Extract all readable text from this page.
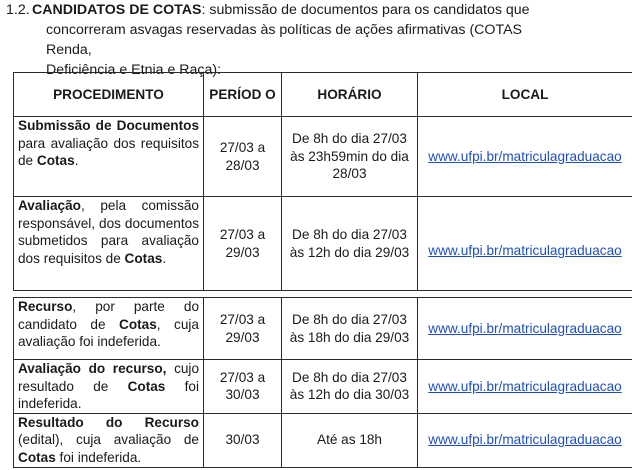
1.2. CANDIDATOS DE COTAS: submissão de documentos para os candidatos que
concorreram asvagas reservadas às políticas de ações afirmativas (COTAS Renda,
Deficiência e Etnia e Raça):
PROCEDIMENTO	PERÍOD O	HORÁRIO	LOCAL
Submissão de Documentos para avaliação dos requisitos de Cotas.	27/03 a 28/03	De 8h do dia 27/03 às 23h59min do dia 28/03	www.ufpi.br/matriculagraduacao
Avaliação, pela comissão responsável, dos documentos submetidos para avaliação dos requisitos de Cotas.	27/03 a 29/03	De 8h do dia 27/03 às 12h do dia 29/03	www.ufpi.br/matriculagraduacao

Recurso, por parte do candidato de Cotas, cuja avaliação foi indeferida.	27/03 a 29/03	De 8h do dia 27/03 às 18h do dia 29/03	www.ufpi.br/matriculagraduacao
Avaliação do recurso, cujo resultado de Cotas foi indeferida.	27/03 a 30/03	De 8h do dia 27/03 às 12h do dia 30/03	www.ufpi.br/matriculagraduacao
Resultado do Recurso (edital), cuja avaliação de Cotas foi indeferida.	30/03	Até as 18h	www.ufpi.br/matriculagraduacao
